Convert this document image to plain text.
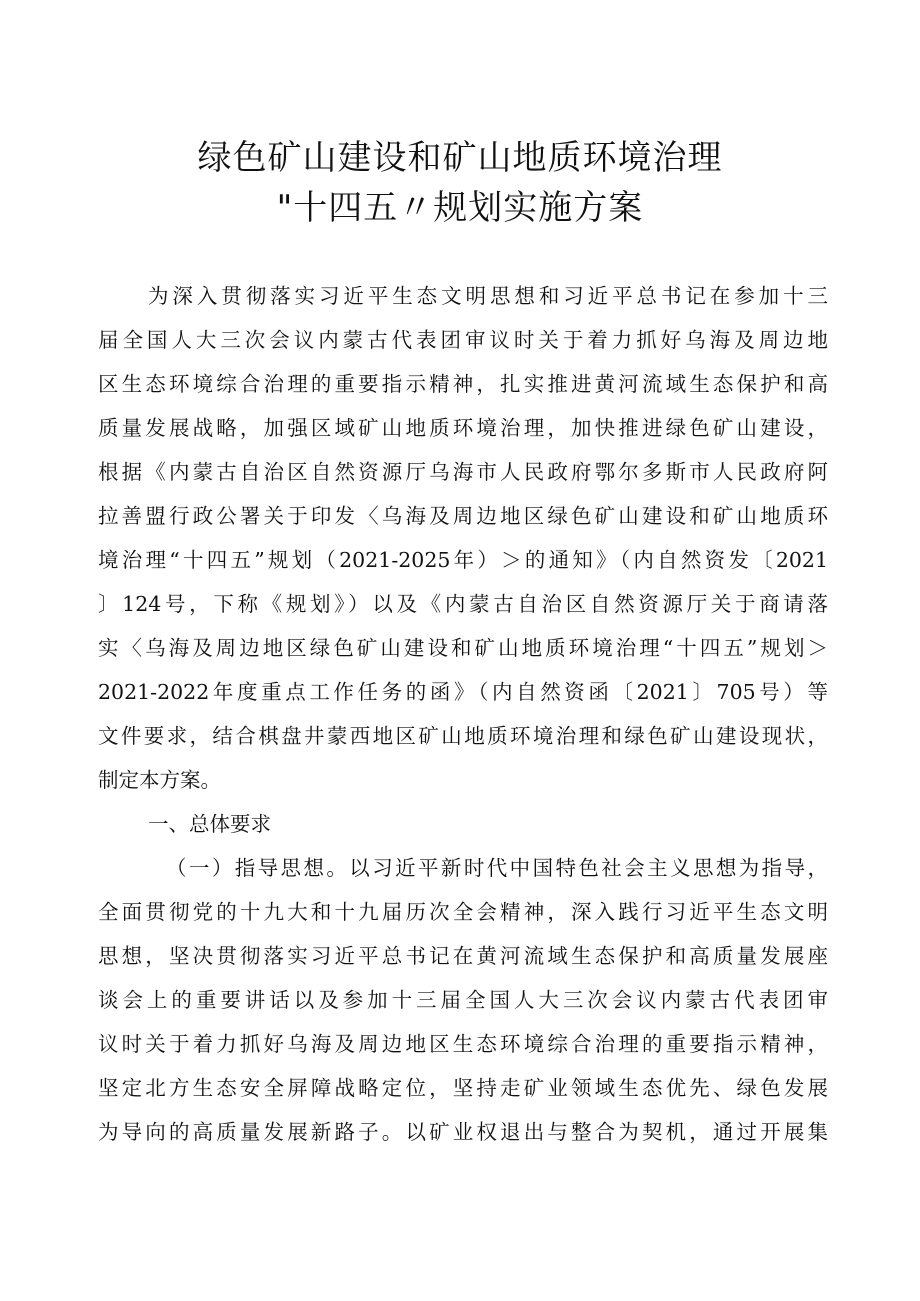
绿色矿山建设和矿山地质环境治理
"十四五〃规划实施方案
为深入贯彻落实习近平生态文明思想和习近平总书记在参加十三
届全国人大三次会议内蒙古代表团审议时关于着力抓好乌海及周边地
区生态环境综合治理的重要指示精神，扎实推进黄河流域生态保护和高
质量发展战略，加强区域矿山地质环境治理，加快推进绿色矿山建设，
根据《内蒙古自治区自然资源厅乌海市人民政府鄂尔多斯市人民政府阿
拉善盟行政公署关于印发〈乌海及周边地区绿色矿山建设和矿山地质环
境治理“十四五”规划（2021-2025年）＞的通知》（内自然资发〔2021
〕124号，下称《规划》）以及《内蒙古自治区自然资源厅关于商请落
实〈乌海及周边地区绿色矿山建设和矿山地质环境治理“十四五”规划＞
2021-2022年度重点工作任务的函》（内自然资函〔2021〕705号）等
文件要求，结合棋盘井蒙西地区矿山地质环境治理和绿色矿山建设现状，
制定本方案。
一、总体要求
（一）指导思想。以习近平新时代中国特色社会主义思想为指导，
全面贯彻党的十九大和十九届历次全会精神，深入践行习近平生态文明
思想，坚决贯彻落实习近平总书记在黄河流域生态保护和高质量发展座
谈会上的重要讲话以及参加十三届全国人大三次会议内蒙古代表团审
议时关于着力抓好乌海及周边地区生态环境综合治理的重要指示精神，
坚定北方生态安全屏障战略定位，坚持走矿业领域生态优先、绿色发展
为导向的高质量发展新路子。以矿业权退出与整合为契机，通过开展集
